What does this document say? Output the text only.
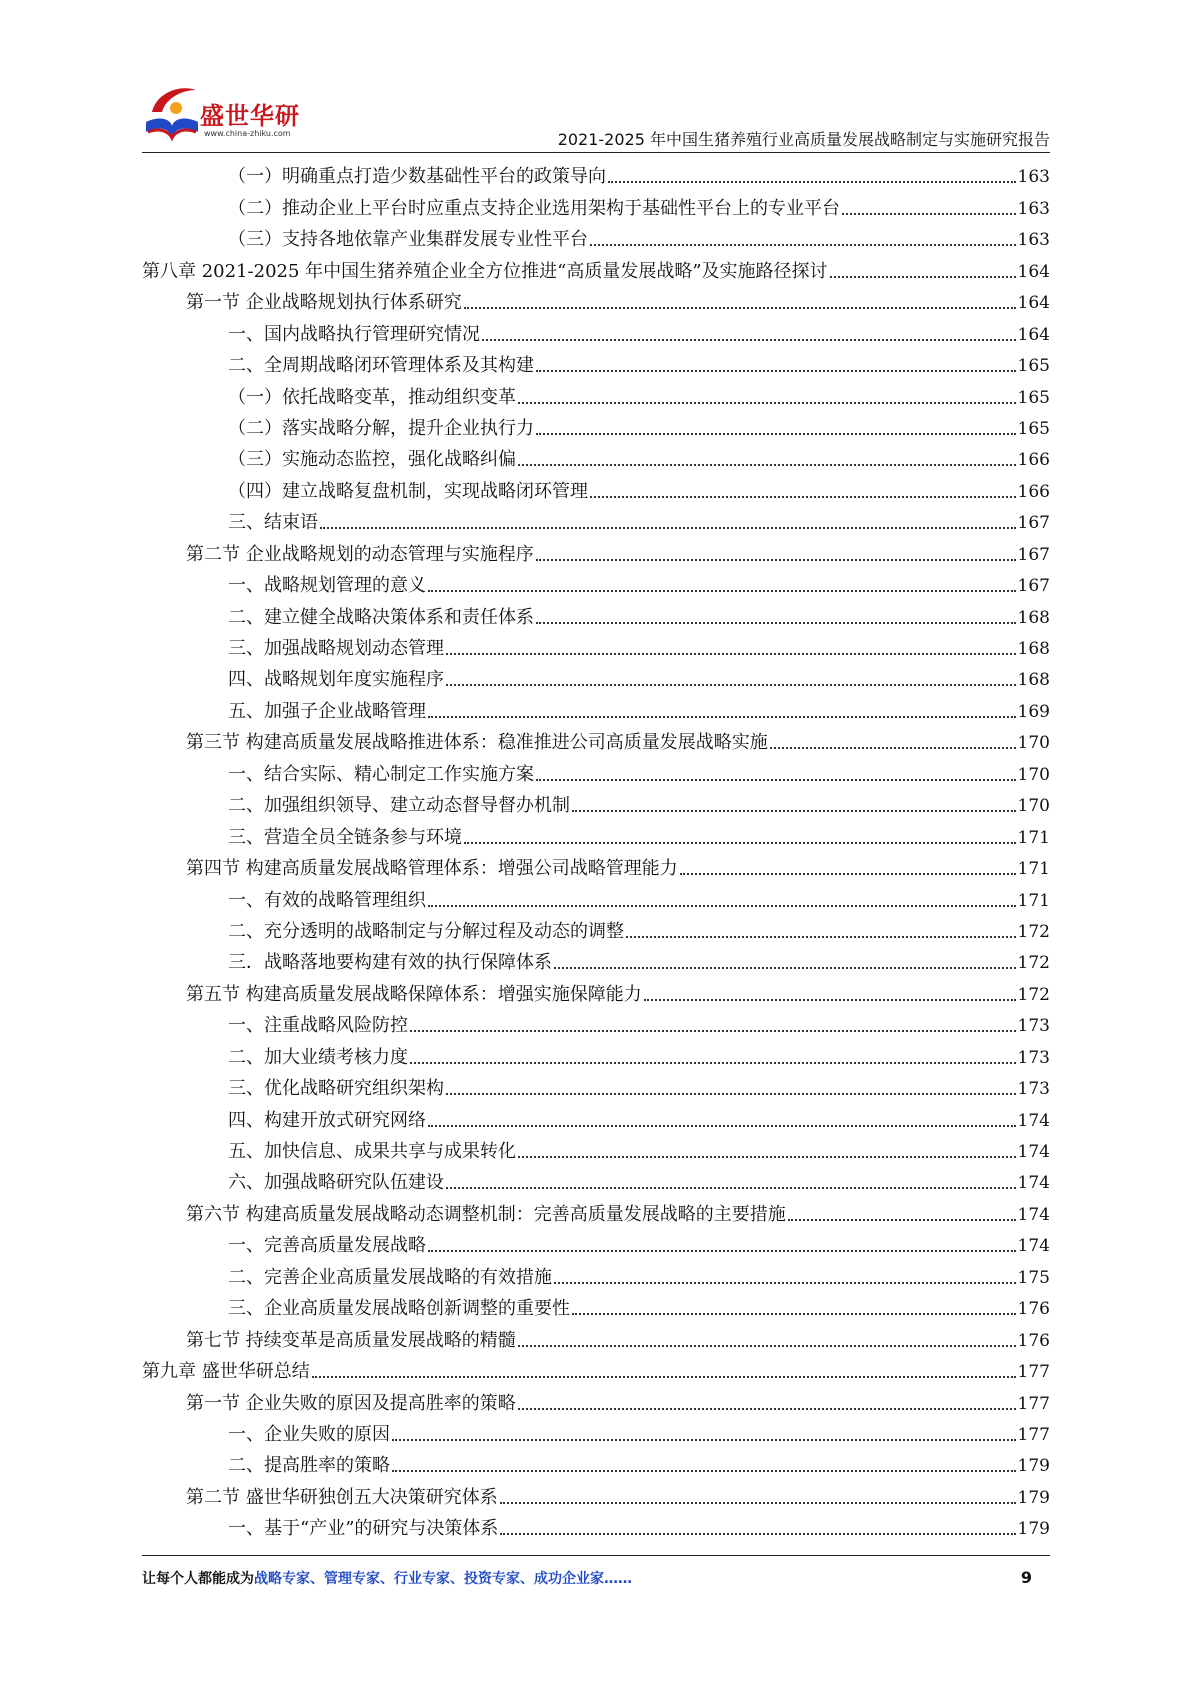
盛世华研
www.china-zhiku.com	2021-2025 年中国生猪养殖行业高质量发展战略制定与实施研究报告
（一）明确重点打造少数基础性平台的政策导向	163
（二）推动企业上平台时应重点支持企业选用架构于基础性平台上的专业平台	163
（三）支持各地依靠产业集群发展专业性平台	163
第八章 2021-2025 年中国生猪养殖企业全方位推进“高质量发展战略”及实施路径探讨	164
第一节 企业战略规划执行体系研究	164
一、国内战略执行管理研究情况	164
二、全周期战略闭环管理体系及其构建	165
（一）依托战略变革，推动组织变革	165
（二）落实战略分解，提升企业执行力	165
（三）实施动态监控，强化战略纠偏	166
（四）建立战略复盘机制，实现战略闭环管理	166
三、结束语	167
第二节 企业战略规划的动态管理与实施程序	167
一、战略规划管理的意义	167
二、建立健全战略决策体系和责任体系	168
三、加强战略规划动态管理	168
四、战略规划年度实施程序	168
五、加强子企业战略管理	169
第三节 构建高质量发展战略推进体系：稳准推进公司高质量发展战略实施	170
一、结合实际、精心制定工作实施方案	170
二、加强组织领导、建立动态督导督办机制	170
三、营造全员全链条参与环境	171
第四节 构建高质量发展战略管理体系：增强公司战略管理能力	171
一、有效的战略管理组织	171
二、充分透明的战略制定与分解过程及动态的调整	172
三．战略落地要构建有效的执行保障体系	172
第五节 构建高质量发展战略保障体系：增强实施保障能力	172
一、注重战略风险防控	173
二、加大业绩考核力度	173
三、优化战略研究组织架构	173
四、构建开放式研究网络	174
五、加快信息、成果共享与成果转化	174
六、加强战略研究队伍建设	174
第六节 构建高质量发展战略动态调整机制：完善高质量发展战略的主要措施	174
一、完善高质量发展战略	174
二、完善企业高质量发展战略的有效措施	175
三、企业高质量发展战略创新调整的重要性	176
第七节 持续变革是高质量发展战略的精髓	176
第九章 盛世华研总结	177
第一节 企业失败的原因及提高胜率的策略	177
一、企业失败的原因	177
二、提高胜率的策略	179
第二节 盛世华研独创五大决策研究体系	179
一、基于“产业”的研究与决策体系	179
让每个人都能成为战略专家、管理专家、行业专家、投资专家、成功企业家……	9
